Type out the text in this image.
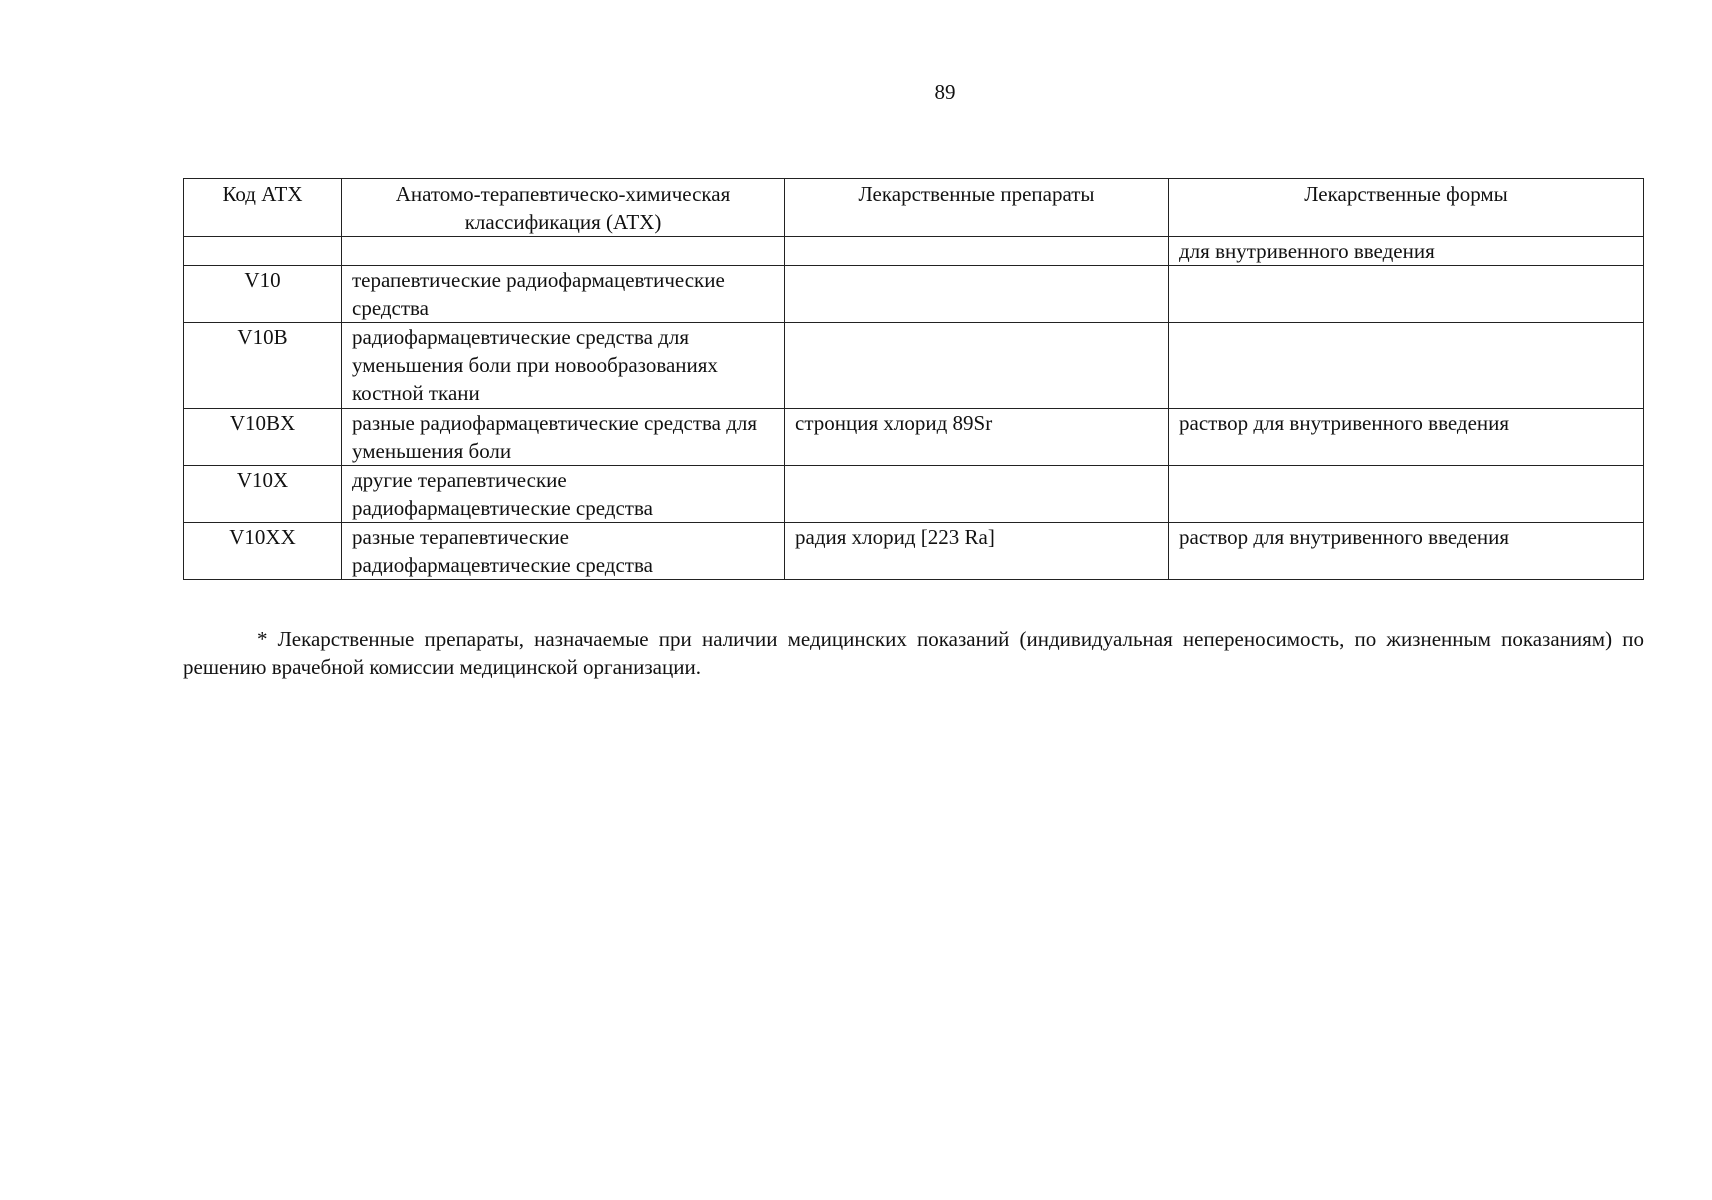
89
Код АТХ	Анатомо-терапевтическо-химическая классификация (АТХ)	Лекарственные препараты	Лекарственные формы
			для внутривенного введения
V10	терапевтические радиофармацевтические средства		
V10B	радиофармацевтические средства для уменьшения боли при новообразованиях костной ткани		
V10BX	разные радиофармацевтические средства для уменьшения боли	стронция хлорид 89Sr	раствор для внутривенного введения
V10X	другие терапевтические радиофармацевтические средства		
V10XX	разные терапевтические радиофармацевтические средства	радия хлорид [223 Ra]	раствор для внутривенного введения

* Лекарственные препараты, назначаемые при наличии медицинских показаний (индивидуальная непереносимость, по жизненным показаниям) по решению врачебной комиссии медицинской организации.
